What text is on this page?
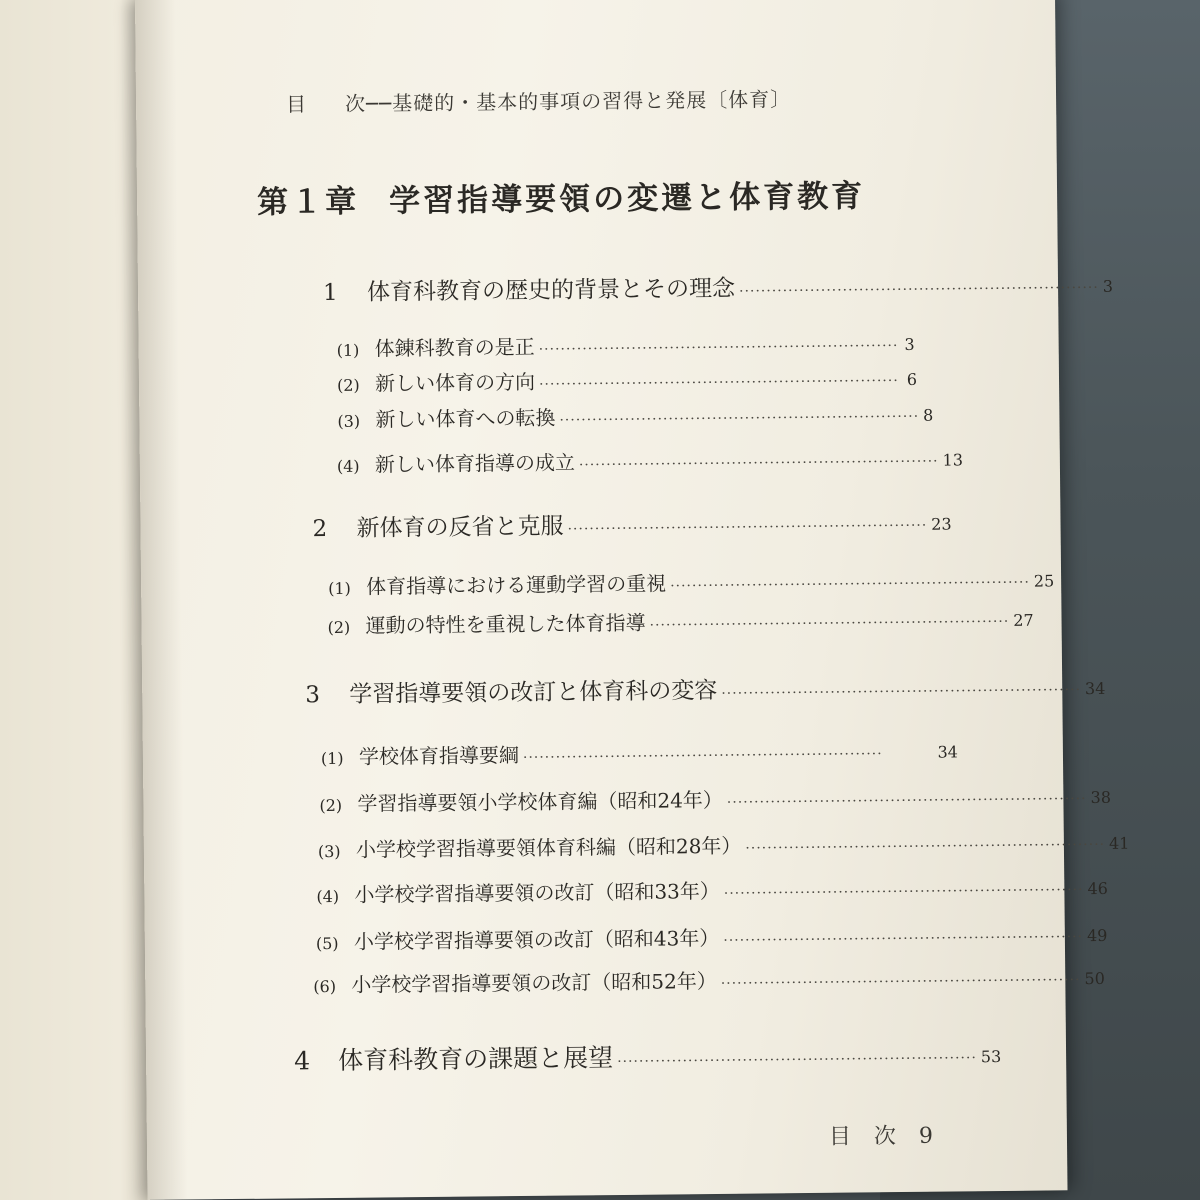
目 次──基礎的・基本的事項の習得と発展〔体育〕
第１章 学習指導要領の変遷と体育教育
1	体育科教育の歴史的背景とその理念 ·································································· 3
(1) 体錬科教育の是正 ·································································· 3
(2) 新しい体育の方向 ·································································· 6
(3) 新しい体育への転換 ·································································· 8
(4) 新しい体育指導の成立 ·································································· 13
2	新体育の反省と克服 ·································································· 23
(1) 体育指導における運動学習の重視 ·································································· 25
(2) 運動の特性を重視した体育指導 ·································································· 27
3	学習指導要領の改訂と体育科の変容 ·································································· 34
(1) 学校体育指導要綱 ··································································	34
(2) 学習指導要領小学校体育編（昭和24年） ·································································· 38
(3) 小学校学習指導要領体育科編（昭和28年） ·································································· 41
(4) 小学校学習指導要領の改訂（昭和33年） ·································································· 46
(5) 小学校学習指導要領の改訂（昭和43年） ·································································· 49
(6) 小学校学習指導要領の改訂（昭和52年） ·································································· 50
4	体育科教育の課題と展望 ·································································· 53
目 次 9
